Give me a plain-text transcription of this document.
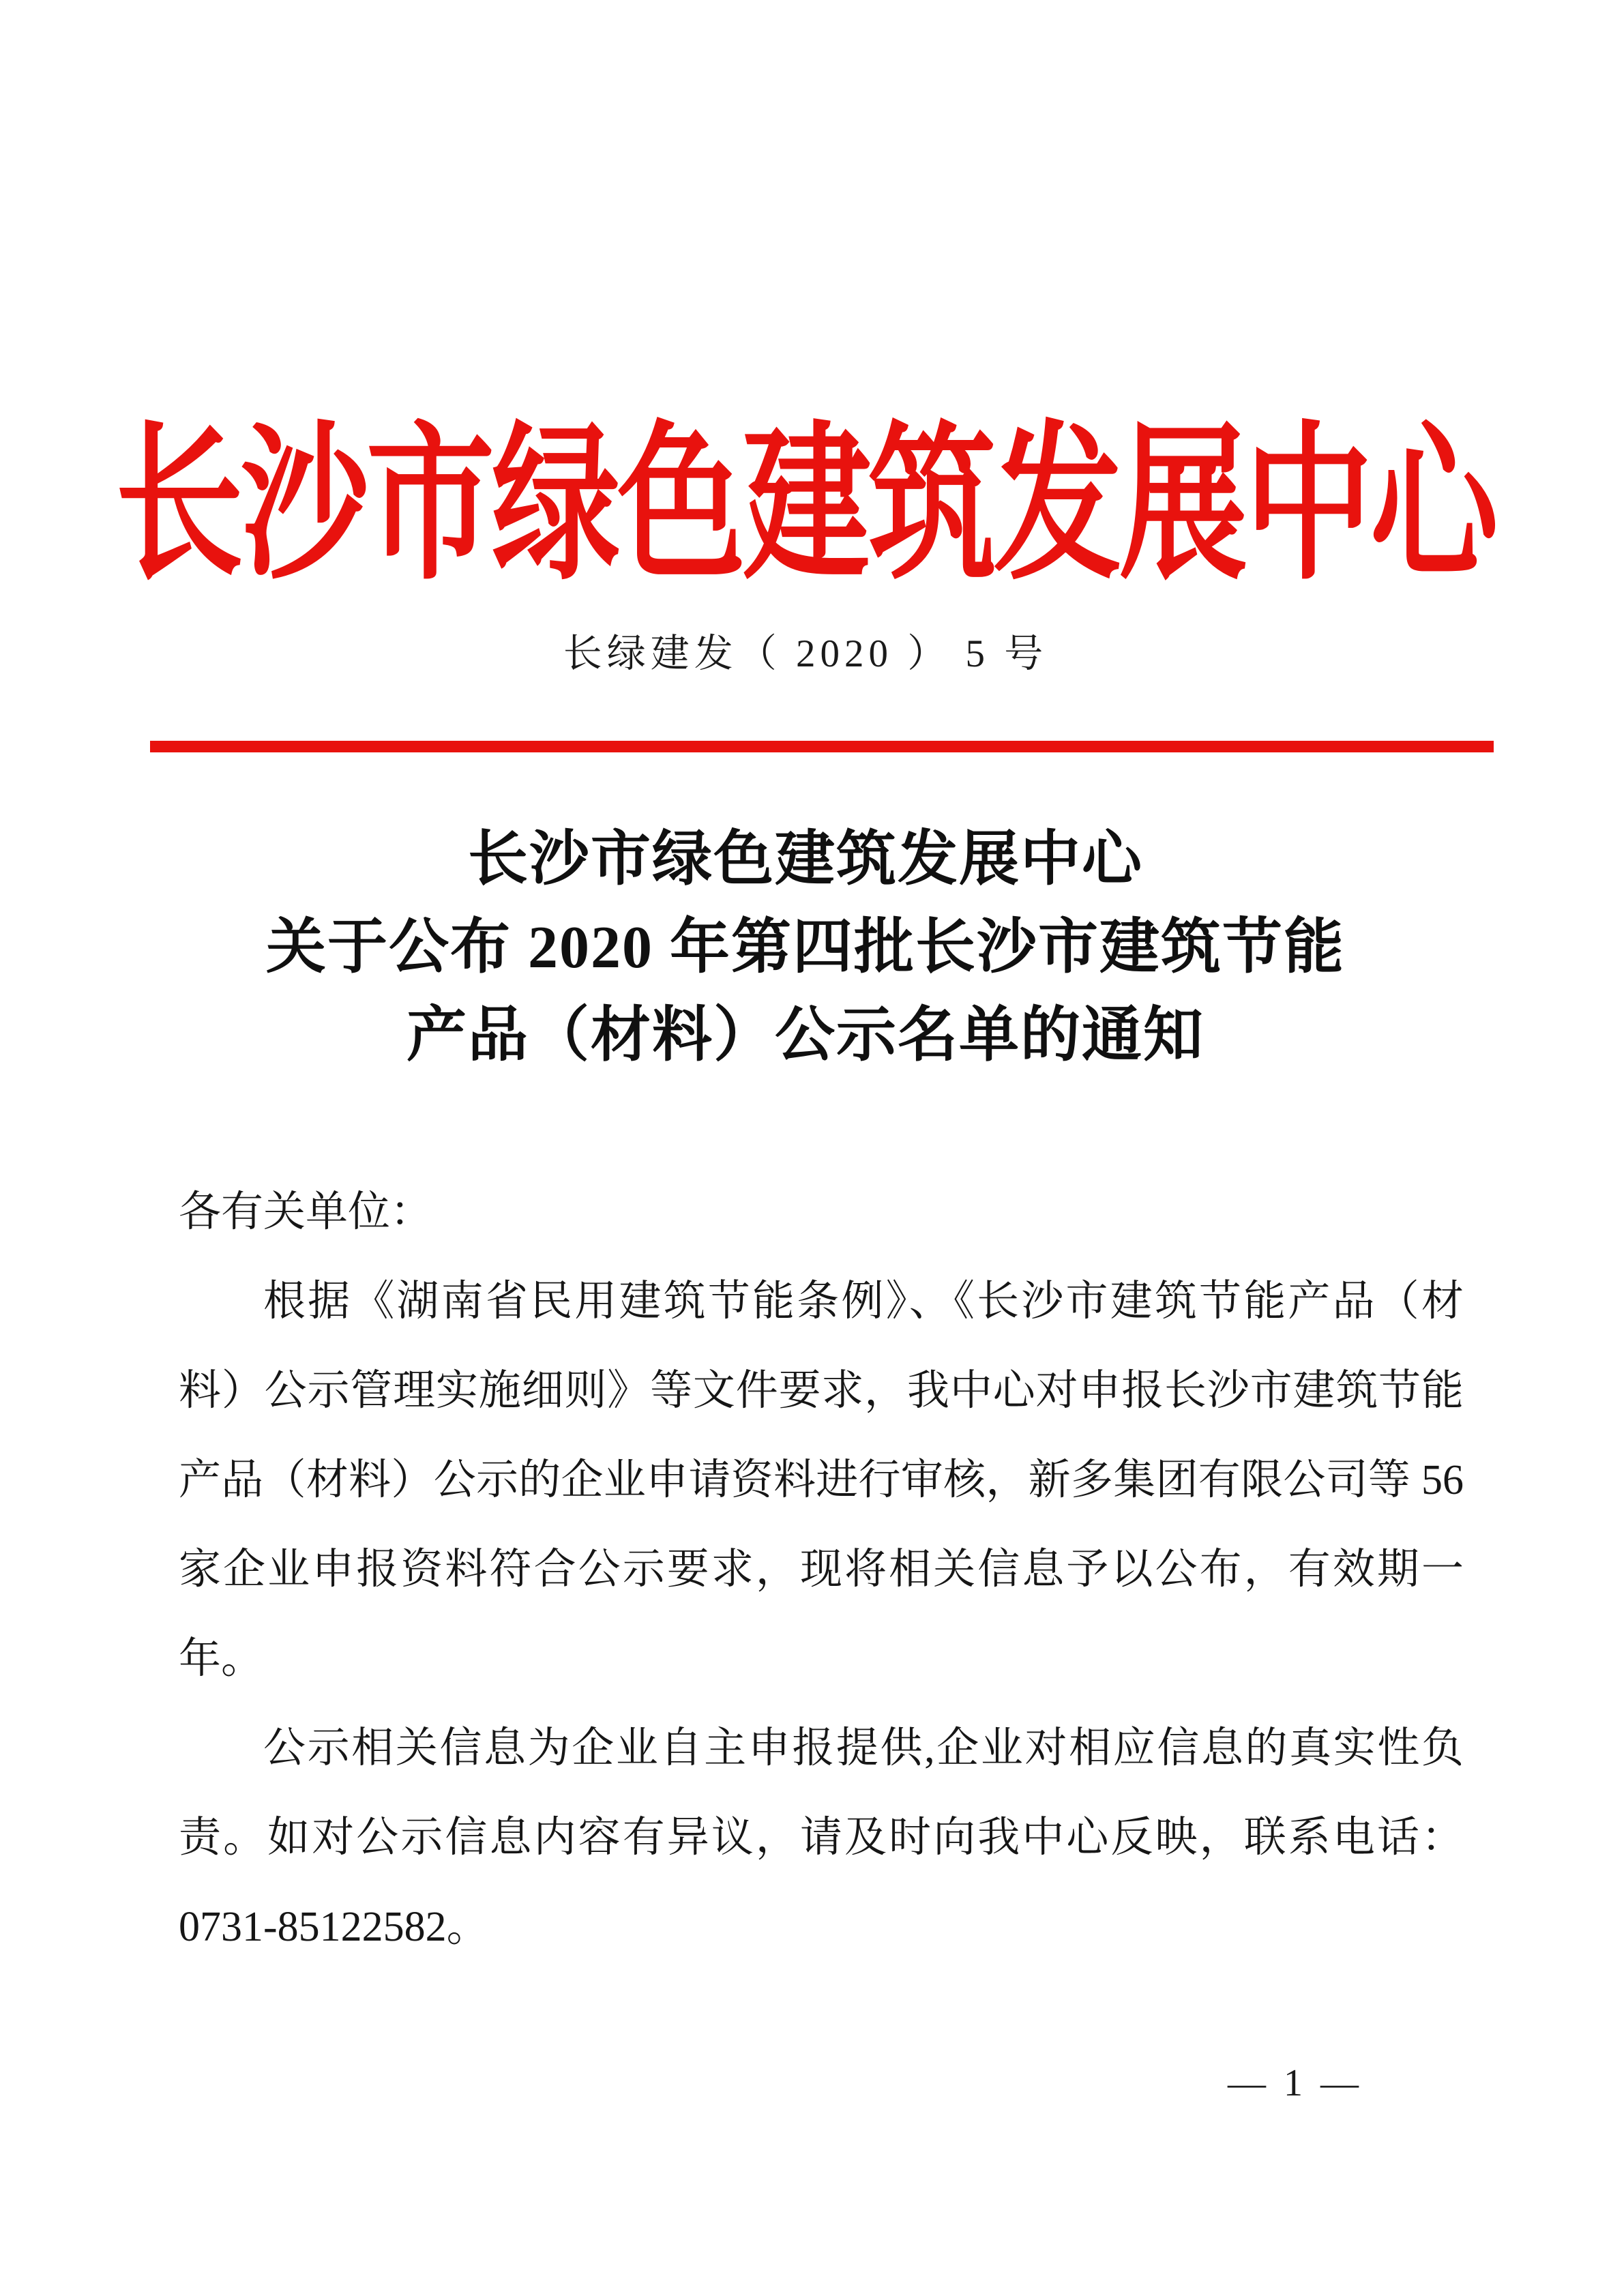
长沙市绿色建筑发展中心
长绿建发（ 2020 ） 5 号
长沙市绿色建筑发展中心
关于公布 2020 年第四批长沙市建筑节能
产品（材料）公示名单的通知
各有关单位：

根据《湖南省民用建筑节能条例》、《长沙市建筑节能产品（材料）公示管理实施细则》等文件要求，我中心对申报长沙市建筑节能产品（材料）公示的企业申请资料进行审核，新多集团有限公司等 56 家企业申报资料符合公示要求，现将相关信息予以公布，有效期一年。

公示相关信息为企业自主申报提供,企业对相应信息的真实性负责。如对公示信息内容有异议，请及时向我中心反映，联系电话：0731-85122582。

— 1 —
